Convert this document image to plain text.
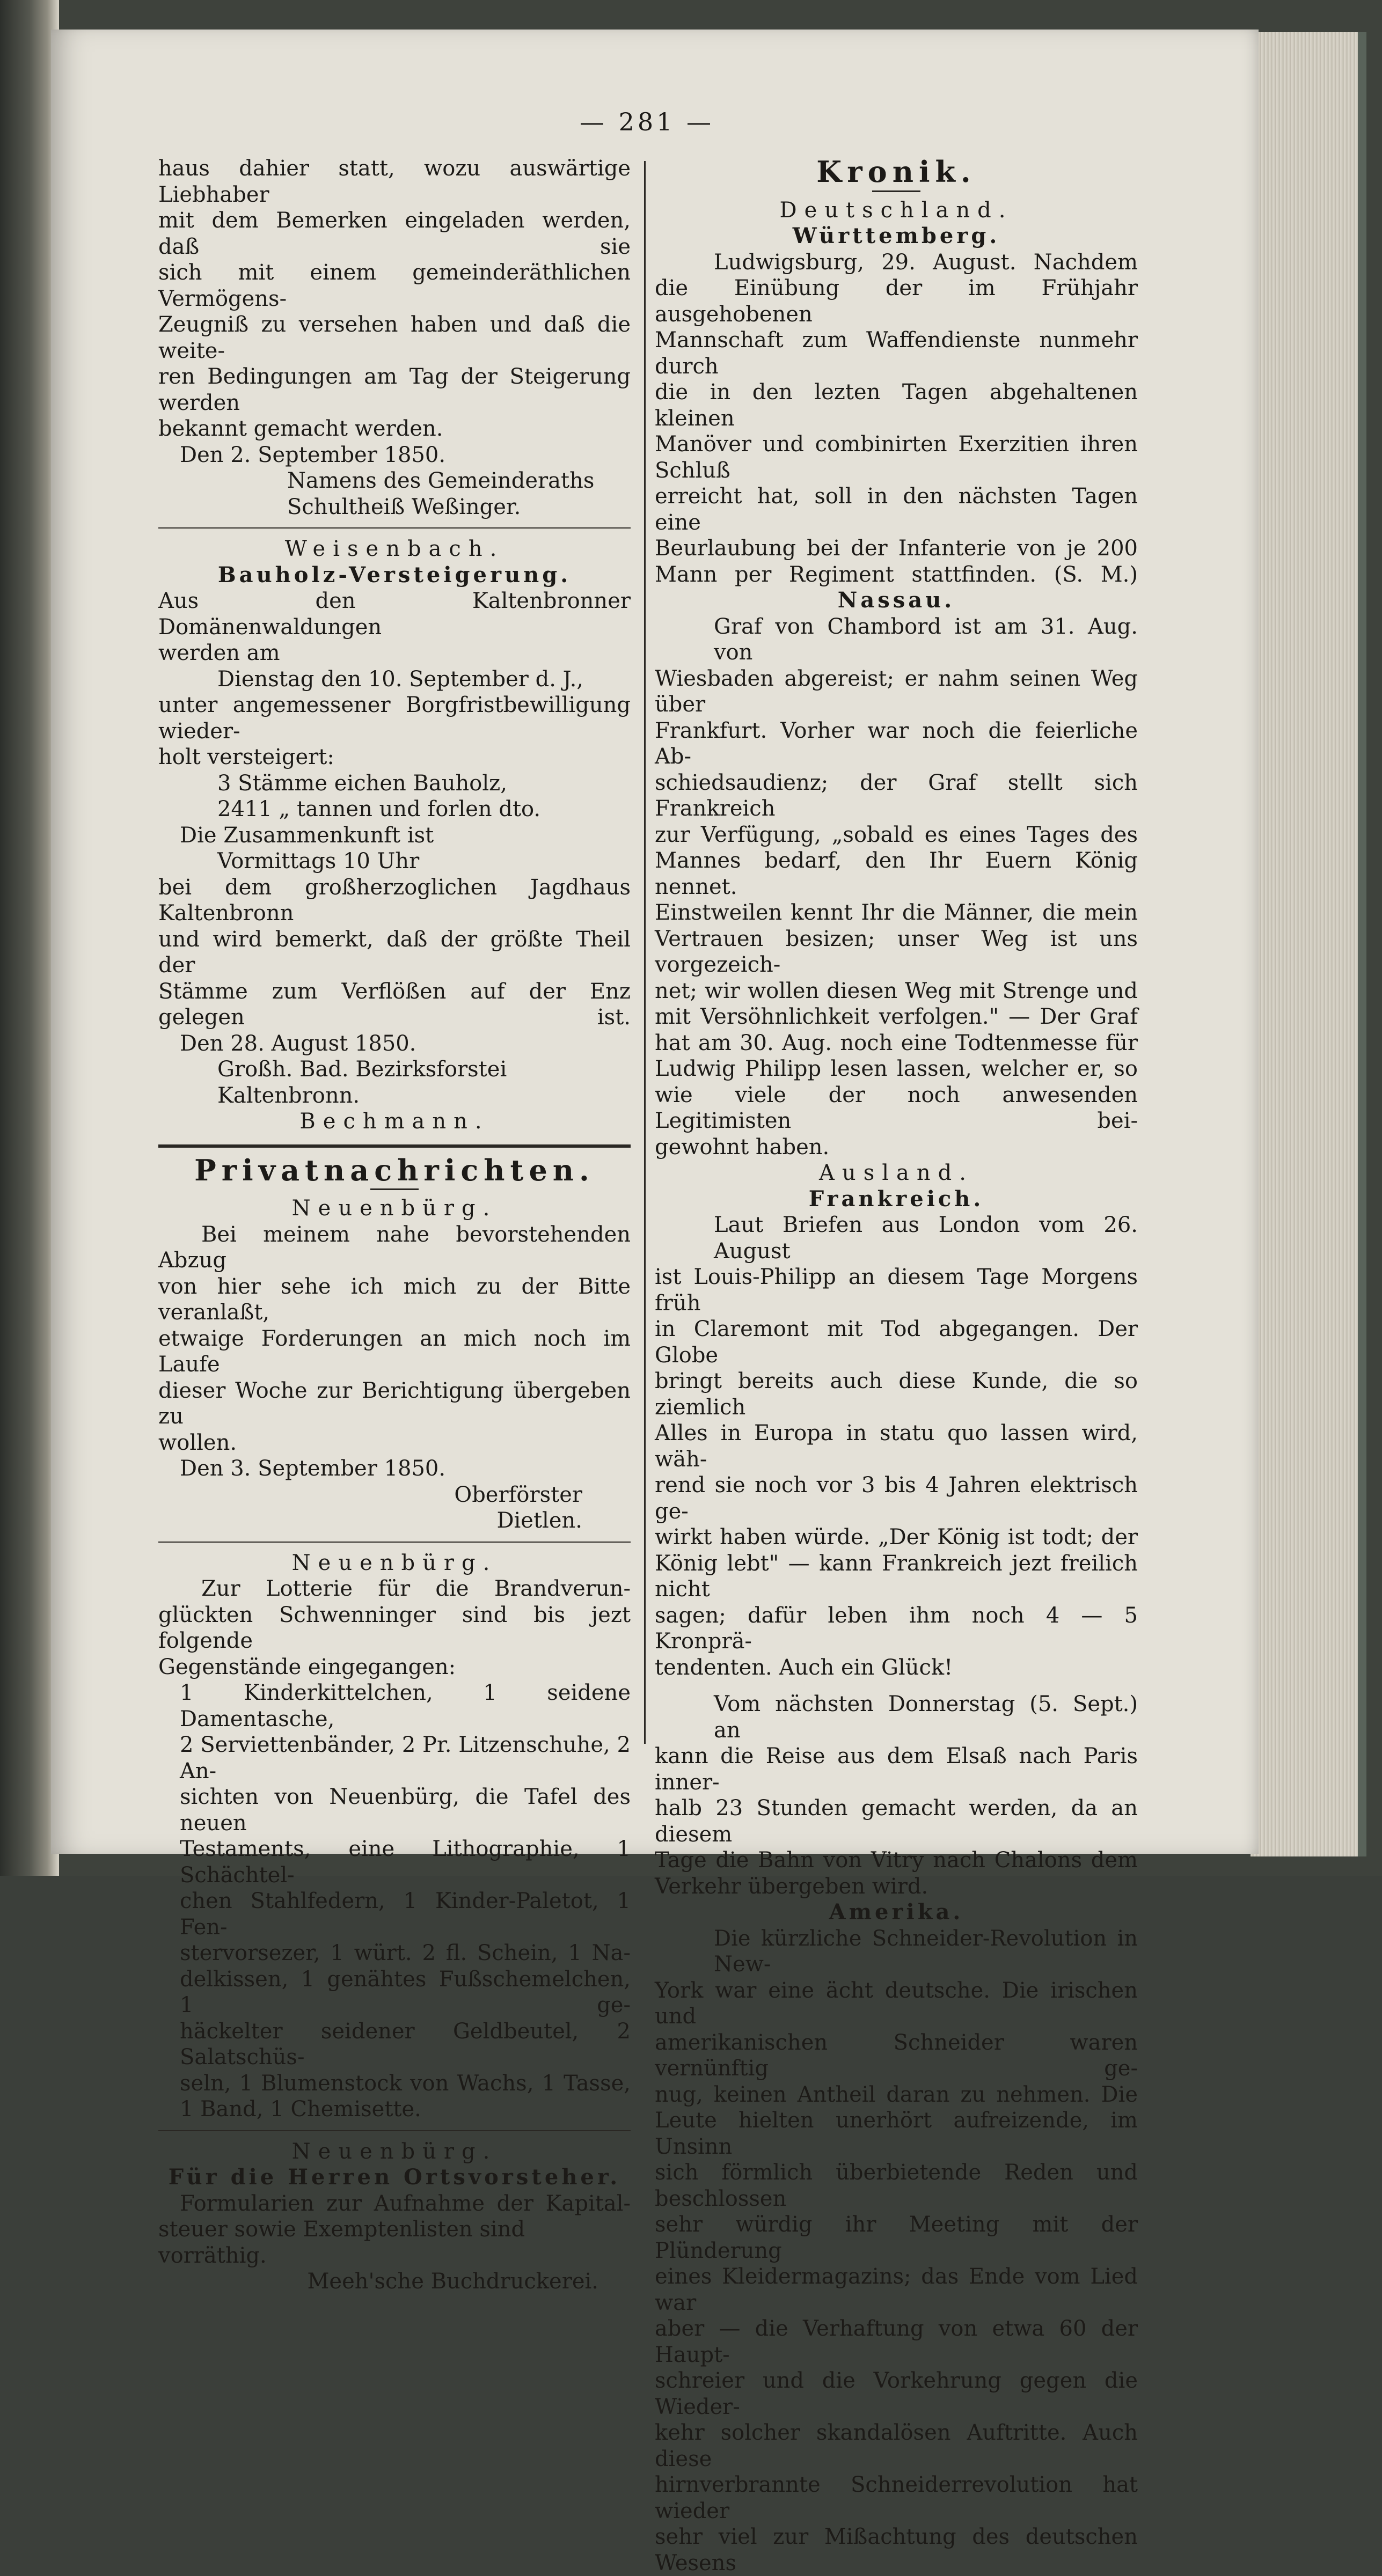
— 281 —

haus dahier statt, wozu auswärtige Liebhaber

mit dem Bemerken eingeladen werden, daß sie

sich mit einem gemeinderäthlichen Vermögens-

Zeugniß zu versehen haben und daß die weite-

ren Bedingungen am Tag der Steigerung werden

bekannt gemacht werden.

Den 2. September 1850.

Namens des Gemeinderaths

Schultheiß Weßinger.

Weisenbach.

Bauholz-Versteigerung.

Aus den Kaltenbronner Domänenwaldungen

werden am

Dienstag den 10. September d. J.,

unter angemessener Borgfristbewilligung wieder-

holt versteigert:

3 Stämme eichen Bauholz,

2411 „ tannen und forlen dto.

Die Zusammenkunft ist

Vormittags 10 Uhr

bei dem großherzoglichen Jagdhaus Kaltenbronn

und wird bemerkt, daß der größte Theil der

Stämme zum Verflößen auf der Enz gelegen ist.

Den 28. August 1850.

Großh. Bad. Bezirksforstei Kaltenbronn.

Bechmann.

Privatnachrichten.

Neuenbürg.

Bei meinem nahe bevorstehenden Abzug

von hier sehe ich mich zu der Bitte veranlaßt,

etwaige Forderungen an mich noch im Laufe

dieser Woche zur Berichtigung übergeben zu

wollen.

Den 3. September 1850.

Oberförster

Dietlen.

Neuenbürg.

Zur Lotterie für die Brandverun-

glückten Schwenninger sind bis jezt folgende

Gegenstände eingegangen:

1 Kinderkittelchen, 1 seidene Damentasche,

2 Serviettenbänder, 2 Pr. Litzenschuhe, 2 An-

sichten von Neuenbürg, die Tafel des neuen

Testaments, eine Lithographie, 1 Schächtel-

chen Stahlfedern, 1 Kinder-Paletot, 1 Fen-

stervorsezer, 1 würt. 2 fl. Schein, 1 Na-

delkissen, 1 genähtes Fußschemelchen, 1 ge-

häckelter seidener Geldbeutel, 2 Salatschüs-

seln, 1 Blumenstock von Wachs, 1 Tasse,

1 Band, 1 Chemisette.

Neuenbürg.

Für die Herren Ortsvorsteher.

Formularien zur Aufnahme der Kapital-

steuer sowie Exemptenlisten sind vorräthig.

Meeh'sche Buchdruckerei.

Kronik.

Deutschland.

Württemberg.

Ludwigsburg, 29. August. Nachdem

die Einübung der im Frühjahr ausgehobenen

Mannschaft zum Waffendienste nunmehr durch

die in den lezten Tagen abgehaltenen kleinen

Manöver und combinirten Exerzitien ihren Schluß

erreicht hat, soll in den nächsten Tagen eine

Beurlaubung bei der Infanterie von je 200

Mann per Regiment stattfinden. (S. M.)

Nassau.

Graf von Chambord ist am 31. Aug. von

Wiesbaden abgereist; er nahm seinen Weg über

Frankfurt. Vorher war noch die feierliche Ab-

schiedsaudienz; der Graf stellt sich Frankreich

zur Verfügung, „sobald es eines Tages des

Mannes bedarf, den Ihr Euern König nennet.

Einstweilen kennt Ihr die Männer, die mein

Vertrauen besizen; unser Weg ist uns vorgezeich-

net; wir wollen diesen Weg mit Strenge und

mit Versöhnlichkeit verfolgen." — Der Graf

hat am 30. Aug. noch eine Todtenmesse für

Ludwig Philipp lesen lassen, welcher er, so

wie viele der noch anwesenden Legitimisten bei-

gewohnt haben.

Ausland.

Frankreich.

Laut Briefen aus London vom 26. August

ist Louis-Philipp an diesem Tage Morgens früh

in Claremont mit Tod abgegangen. Der Globe

bringt bereits auch diese Kunde, die so ziemlich

Alles in Europa in statu quo lassen wird, wäh-

rend sie noch vor 3 bis 4 Jahren elektrisch ge-

wirkt haben würde. „Der König ist todt; der

König lebt" — kann Frankreich jezt freilich nicht

sagen; dafür leben ihm noch 4 — 5 Kronprä-

tendenten. Auch ein Glück!

Vom nächsten Donnerstag (5. Sept.) an

kann die Reise aus dem Elsaß nach Paris inner-

halb 23 Stunden gemacht werden, da an diesem

Tage die Bahn von Vitry nach Chalons dem

Verkehr übergeben wird.

Amerika.

Die kürzliche Schneider-Revolution in New-

York war eine ächt deutsche. Die irischen und

amerikanischen Schneider waren vernünftig ge-

nug, keinen Antheil daran zu nehmen. Die

Leute hielten unerhört aufreizende, im Unsinn

sich förmlich überbietende Reden und beschlossen

sehr würdig ihr Meeting mit der Plünderung

eines Kleidermagazins; das Ende vom Lied war

aber — die Verhaftung von etwa 60 der Haupt-

schreier und die Vorkehrung gegen die Wieder-

kehr solcher skandalösen Auftritte. Auch diese

hirnverbrannte Schneiderrevolution hat wieder

sehr viel zur Mißachtung des deutschen Wesens
